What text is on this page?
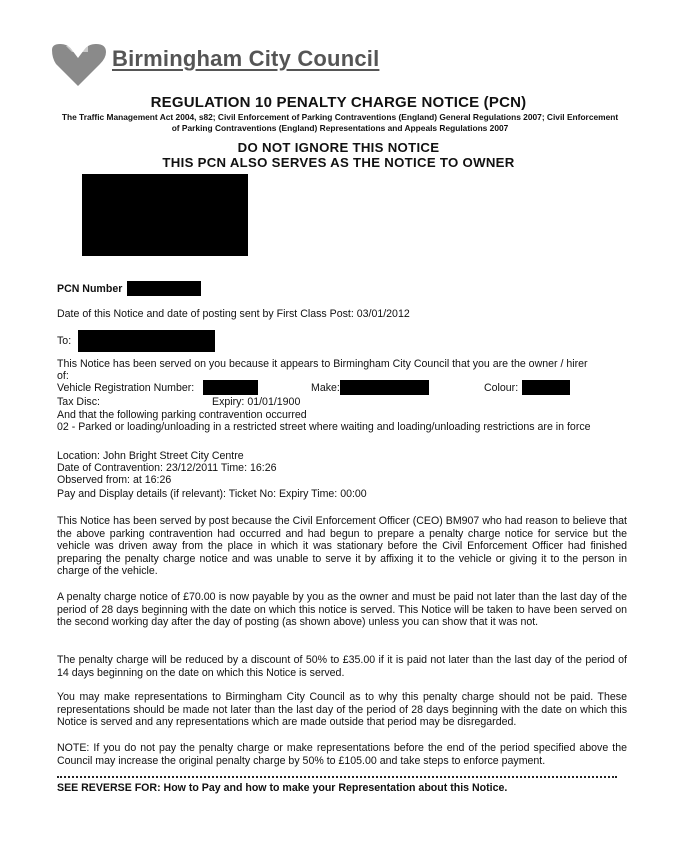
Birmingham City Council
REGULATION 10 PENALTY CHARGE NOTICE (PCN)
The Traffic Management Act 2004, s82; Civil Enforcement of Parking Contraventions (England) General Regulations 2007; Civil Enforcement of Parking Contraventions (England) Representations and Appeals Regulations 2007
DO NOT IGNORE THIS NOTICE
THIS PCN ALSO SERVES AS THE NOTICE TO OWNER
PCN Number
Date of this Notice and date of posting sent by First Class Post: 03/01/2012
To:
This Notice has been served on you because it appears to Birmingham City Council that you are the owner / hirer
of:
Vehicle Registration Number:	Make:	Colour:
Tax Disc:	Expiry: 01/01/1900
And that the following parking contravention occurred
02 - Parked or loading/unloading in a restricted street where waiting and loading/unloading restrictions are in force
Location: John Bright Street City Centre
Date of Contravention: 23/12/2011 Time: 16:26
Observed from: at 16:26
Pay and Display details (if relevant): Ticket No: Expiry Time: 00:00
This Notice has been served by post because the Civil Enforcement Officer (CEO) BM907 who had reason to believe that the above parking contravention had occurred and had begun to prepare a penalty charge notice for service but the vehicle was driven away from the place in which it was stationary before the Civil Enforcement Officer had finished preparing the penalty charge notice and was unable to serve it by affixing it to the vehicle or giving it to the person in charge of the vehicle.
A penalty charge notice of £70.00 is now payable by you as the owner and must be paid not later than the last day of the period of 28 days beginning with the date on which this notice is served. This Notice will be taken to have been served on the second working day after the day of posting (as shown above) unless you can show that it was not.
The penalty charge will be reduced by a discount of 50% to £35.00 if it is paid not later than the last day of the period of 14 days beginning on the date on which this Notice is served.
You may make representations to Birmingham City Council as to why this penalty charge should not be paid. These representations should be made not later than the last day of the period of 28 days beginning with the date on which this Notice is served and any representations which are made outside that period may be disregarded.
NOTE: If you do not pay the penalty charge or make representations before the end of the period specified above the Council may increase the original penalty charge by 50% to £105.00 and take steps to enforce payment.
SEE REVERSE FOR: How to Pay and how to make your Representation about this Notice.
